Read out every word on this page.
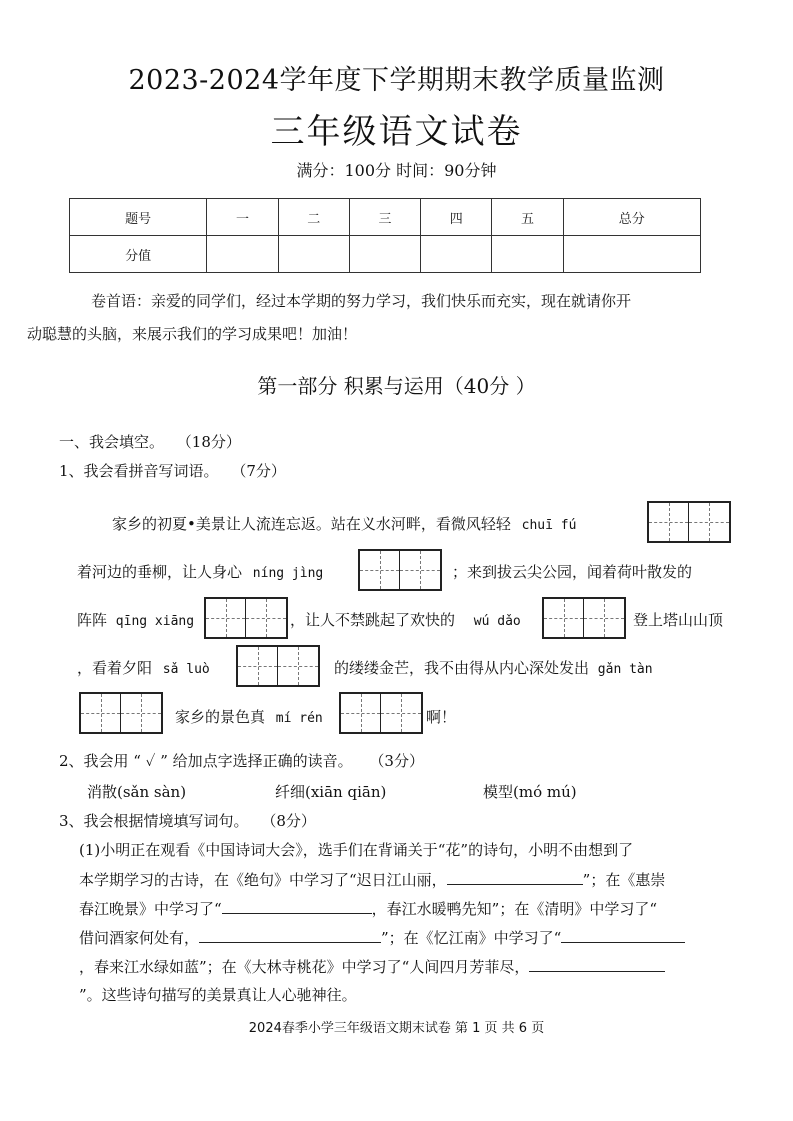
2023-2024学年度下学期期末教学质量监测
三年级语文试卷
满分：100分 时间：90分钟
题号	一	二	三	四	五	总分
分值						

卷首语：亲爱的同学们，经过本学期的努力学习，我们快乐而充实，现在就请你开
动聪慧的头脑，来展示我们的学习成果吧！加油！

第一部分 积累与运用（40分 ）
一、我会填空。 （18分）
1、我会看拼音写词语。 （7分）
家乡的初夏•美景让人流连忘返。站在义水河畔，看微风轻轻 chuī fú
着河边的垂柳，让人身心 níng jìng	；来到拔云尖公园，闻着荷叶散发的
阵阵 qīng xiāng	，让人不禁跳起了欢快的 wú dǎo	登上塔山山顶
，看着夕阳 sǎ luò	的缕缕金芒，我不由得从内心深处发出 gǎn tàn
家乡的景色真 mí rén	啊！
2、我会用 “ ✓ ” 给加点字选择正确的读音。 （3分）
消散(sǎn sàn)	纤细(xiān qiān)	模型(mó mú)
3、我会根据情境填写词句。 （8分）
(1)小明正在观看《中国诗词大会》，选手们在背诵关于“花”的诗句，小明不由想到了
本学期学习的古诗，在《绝句》中学习了“迟日江山丽，	”；在《惠崇
春江晚景》中学习了“	，春江水暖鸭先知”；在《清明》中学习了“
借问酒家何处有，	”；在《忆江南》中学习了“
，春来江水绿如蓝”；在《大林寺桃花》中学习了“人间四月芳菲尽，
”。这些诗句描写的美景真让人心驰神往。
2024春季小学三年级语文期末试卷 第 1 页 共 6 页
